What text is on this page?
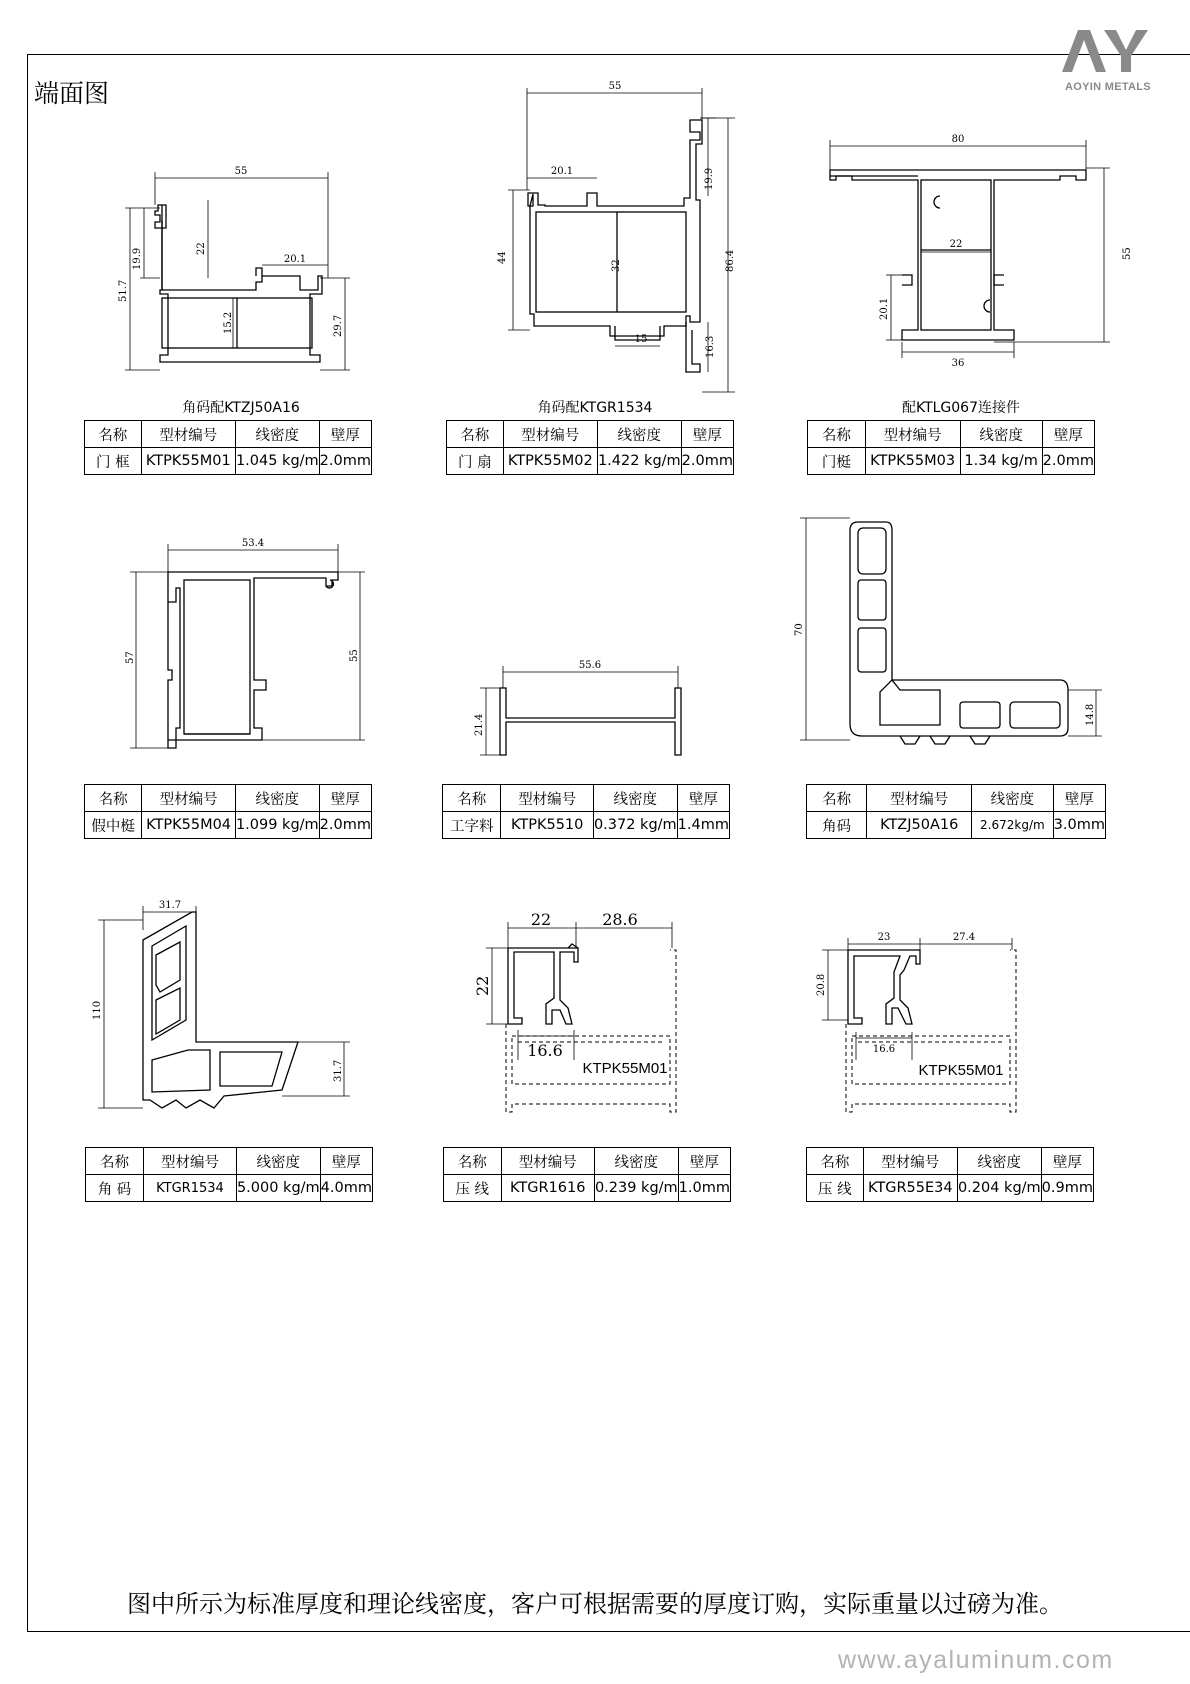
AOYIN METALS
端面图
55
19.9	22
20.1
51.7
15.2	29.7
角码配KTZJ50A16
名称	型材编号	线密度	壁厚
门 框	KTPK55M01	1.045 kg/m	2.0mm
55
20.1	19.9
44
32	86.4
15	16.3
角码配KTGR1534
名称	型材编号	线密度	壁厚
门 扇	KTPK55M02	1.422 kg/m	2.0mm
80
22
55
20.1
36
配KTLG067连接件
名称	型材编号	线密度	壁厚
门梃	KTPK55M03	1.34 kg/m	2.0mm
53.4
57	55
名称	型材编号	线密度	壁厚
假中梃	KTPK55M04	1.099 kg/m	2.0mm
55.6
21.4
名称	型材编号	线密度	壁厚
工字料	KTPK5510	0.372 kg/m	1.4mm
70
14.8
名称	型材编号	线密度	壁厚
角码	KTZJ50A16	2.672kg/m	3.0mm
31.7
110
31.7
名称	型材编号	线密度	壁厚
角 码	KTGR1534	5.000 kg/m	4.0mm
22	28.6
22
16.6
KTPK55M01
名称	型材编号	线密度	壁厚
压 线	KTGR1616	0.239 kg/m	1.0mm
23	27.4
20.8
16.6
KTPK55M01
名称	型材编号	线密度	壁厚
压 线	KTGR55E34	0.204 kg/m	0.9mm
图中所示为标准厚度和理论线密度，客户可根据需要的厚度订购，实际重量以过磅为准。
www.ayaluminum.com
